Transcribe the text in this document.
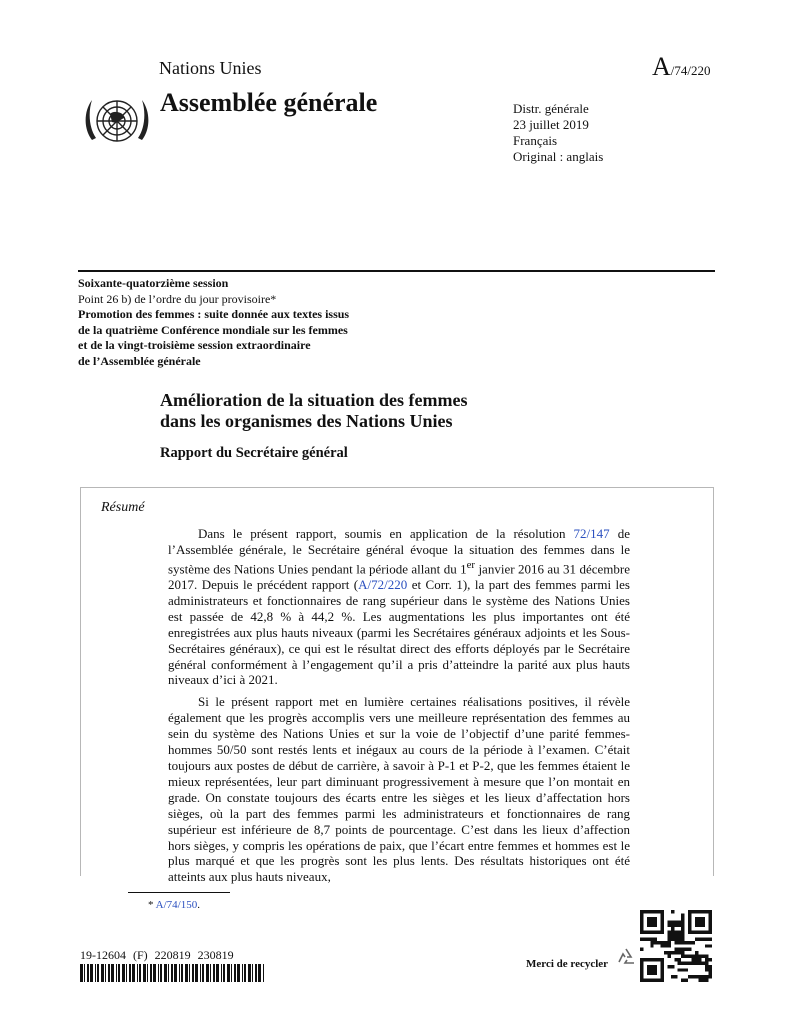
Nations Unies	A/74/220
Assemblée générale	Distr. générale
23 juillet 2019
Français
Original : anglais
Soixante-quatorzième session
Point 26 b) de l’ordre du jour provisoire*
Promotion des femmes : suite donnée aux textes issus
de la quatrième Conférence mondiale sur les femmes
et de la vingt-troisième session extraordinaire
de l’Assemblée générale
Amélioration de la situation des femmes
dans les organismes des Nations Unies
Rapport du Secrétaire général
Résumé

Dans le présent rapport, soumis en application de la résolution 72/147 de l’Assemblée générale, le Secrétaire général évoque la situation des femmes dans le système des Nations Unies pendant la période allant du 1er janvier 2016 au 31 décembre 2017. Depuis le précédent rapport (A/72/220 et Corr. 1), la part des femmes parmi les administrateurs et fonctionnaires de rang supérieur dans le système des Nations Unies est passée de 42,8 % à 44,2 %. Les augmentations les plus importantes ont été enregistrées aux plus hauts niveaux (parmi les Secrétaires généraux adjoints et les Sous-Secrétaires généraux), ce qui est le résultat direct des efforts déployés par le Secrétaire général conformément à l’engagement qu’il a pris d’atteindre la parité aux plus hauts niveaux d’ici à 2021.

Si le présent rapport met en lumière certaines réalisations positives, il révèle également que les progrès accomplis vers une meilleure représentation des femmes au sein du système des Nations Unies et sur la voie de l’objectif d’une parité femmes-hommes 50/50 sont restés lents et inégaux au cours de la période à l’examen. C’était toujours aux postes de début de carrière, à savoir à P-1 et P-2, que les femmes étaient le mieux représentées, leur part diminuant progressivement à mesure que l’on montait en grade. On constate toujours des écarts entre les sièges et les lieux d’affectation hors sièges, où la part des femmes parmi les administrateurs et fonctionnaires de rang supérieur est inférieure de 8,7 points de pourcentage. C’est dans les lieux d’affection hors sièges, y compris les opérations de paix, que l’écart entre femmes et hommes est le plus marqué et que les progrès sont les plus lents. Des résultats historiques ont été atteints aux plus hauts niveaux,

* A/74/150.
19-12604 (F) 220819 230819
Merci de recycler
